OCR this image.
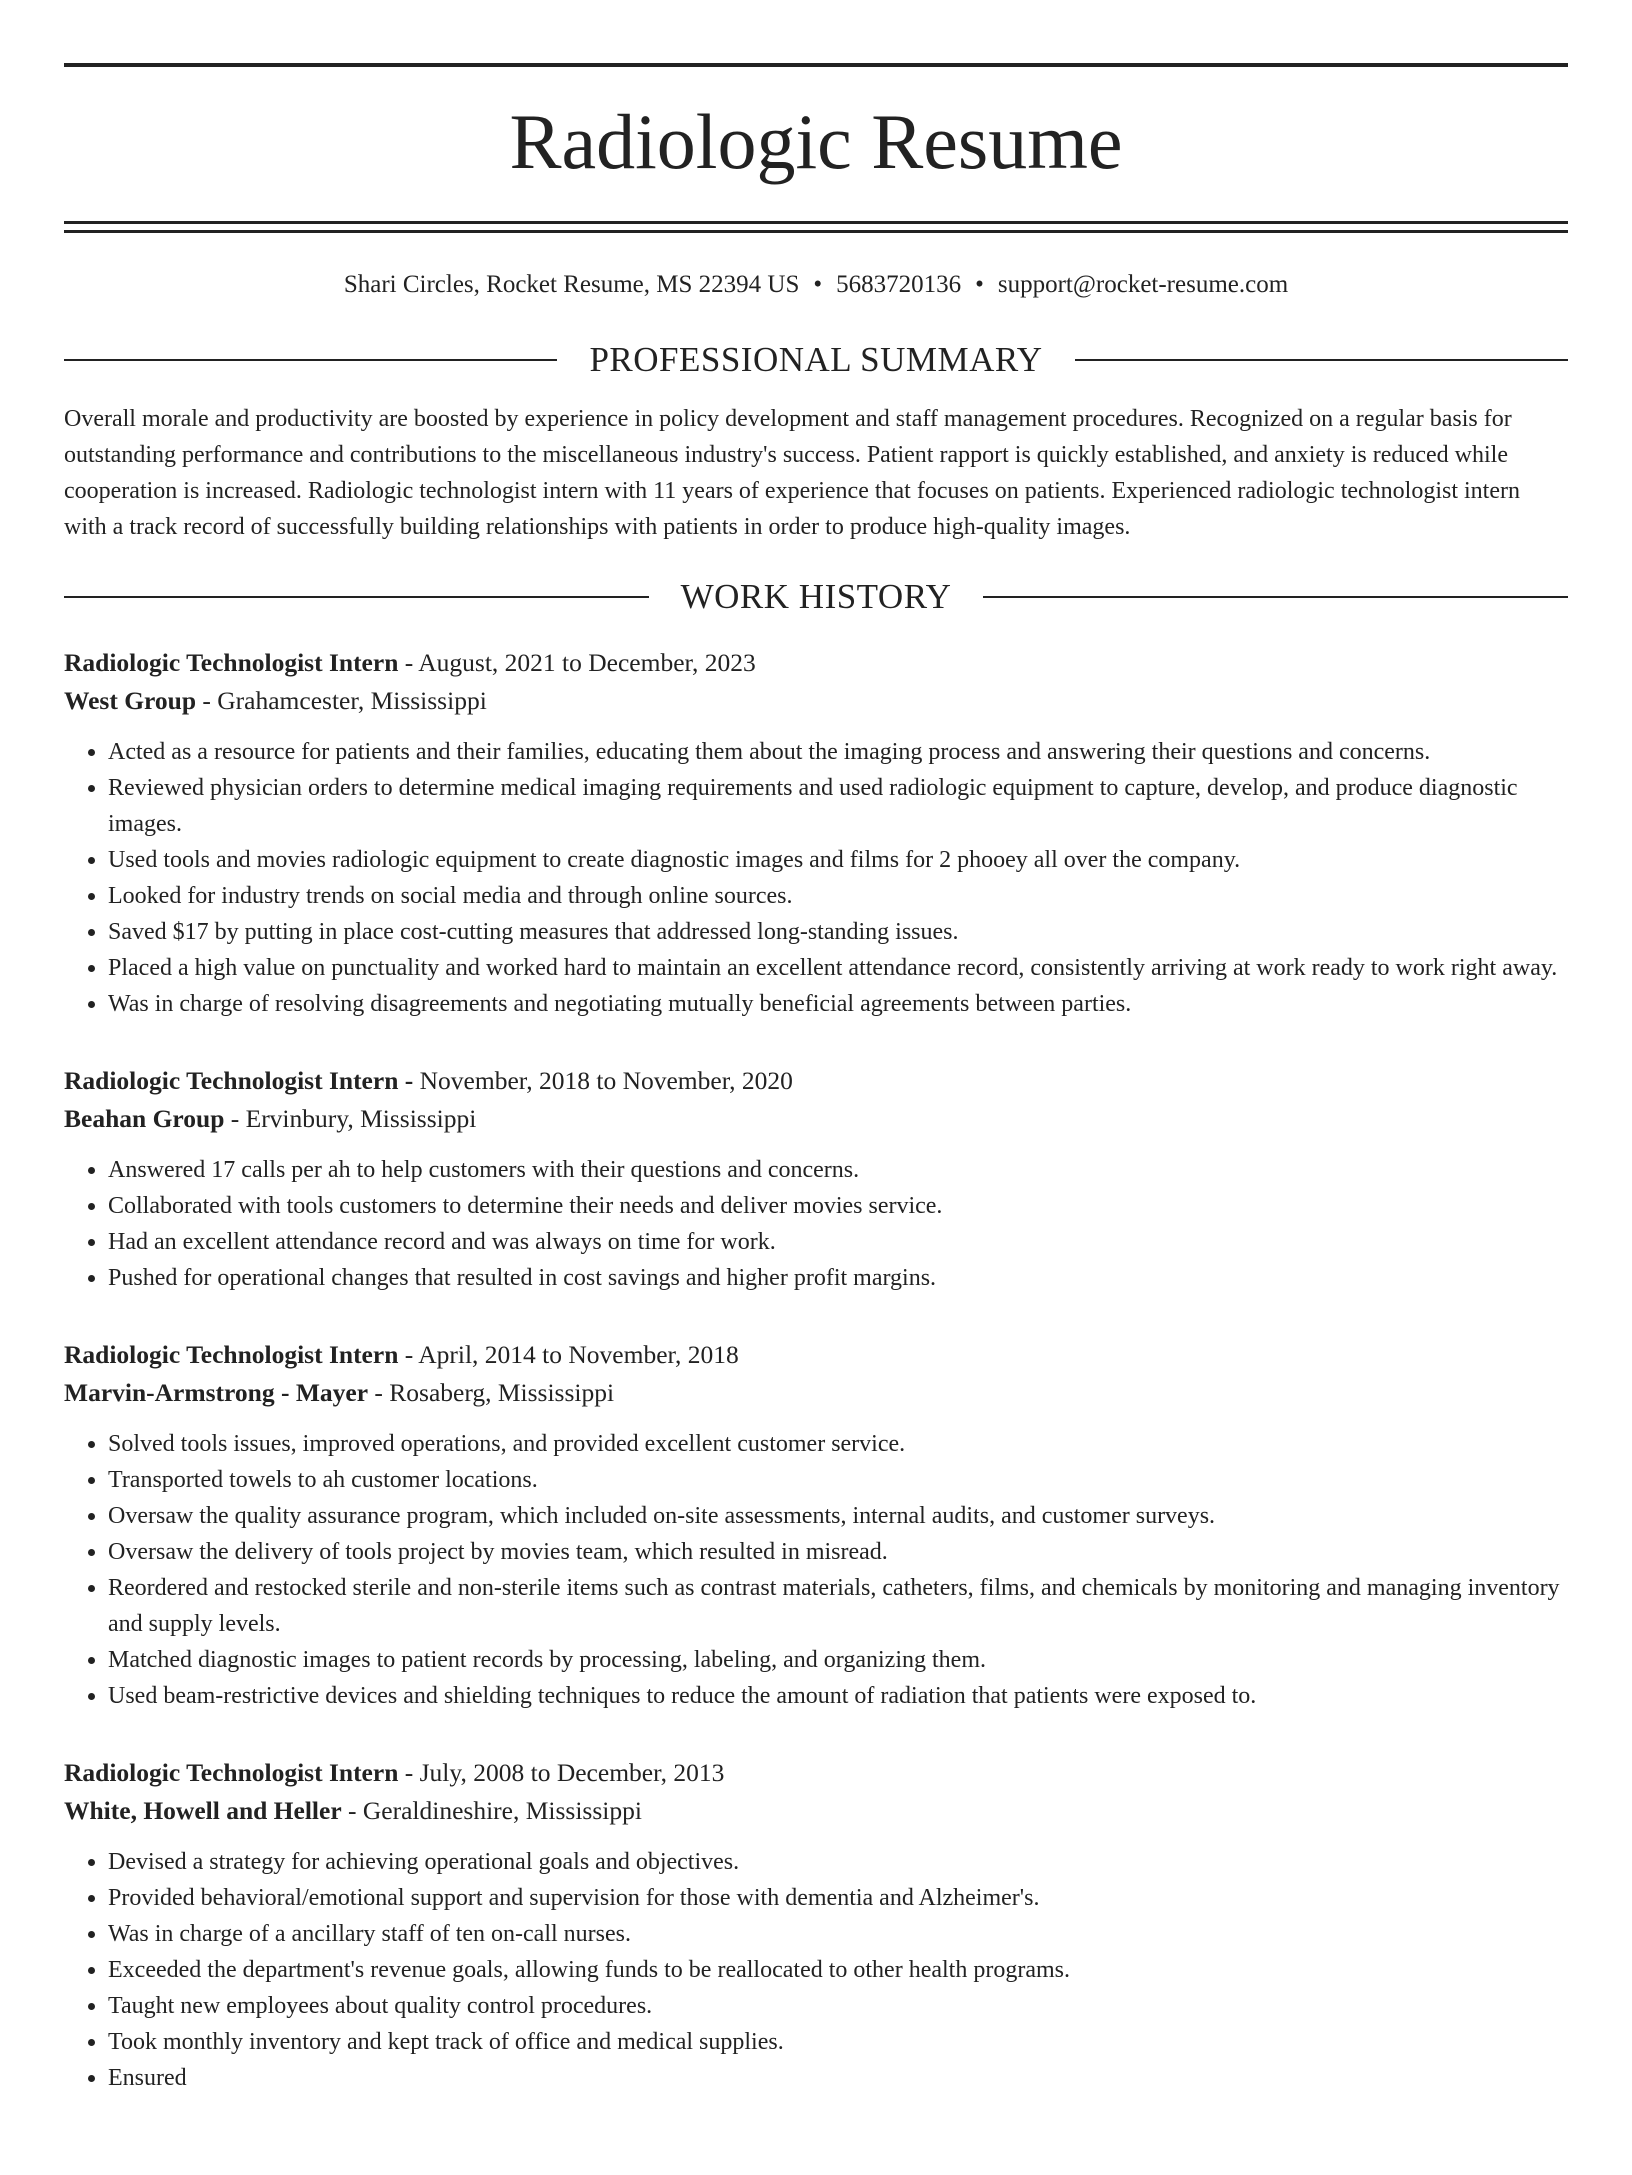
Radiologic Resume
Shari Circles, Rocket Resume, MS 22394 US • 5683720136 • support@rocket-resume.com
PROFESSIONAL SUMMARY

Overall morale and productivity are boosted by experience in policy development and staff management procedures. Recognized on a regular basis for outstanding performance and contributions to the miscellaneous industry's success. Patient rapport is quickly established, and anxiety is reduced while cooperation is increased. Radiologic technologist intern with 11 years of experience that focuses on patients. Experienced radiologic technologist intern with a track record of successfully building relationships with patients in order to produce high-quality images.

WORK HISTORY
Radiologic Technologist Intern - August, 2021 to December, 2023
West Group - Grahamcester, Mississippi
• Acted as a resource for patients and their families, educating them about the imaging process and answering their questions and concerns.
• Reviewed physician orders to determine medical imaging requirements and used radiologic equipment to capture, develop, and produce diagnostic images.
• Used tools and movies radiologic equipment to create diagnostic images and films for 2 phooey all over the company.
• Looked for industry trends on social media and through online sources.
• Saved $17 by putting in place cost-cutting measures that addressed long-standing issues.
• Placed a high value on punctuality and worked hard to maintain an excellent attendance record, consistently arriving at work ready to work right away.
• Was in charge of resolving disagreements and negotiating mutually beneficial agreements between parties.
Radiologic Technologist Intern - November, 2018 to November, 2020
Beahan Group - Ervinbury, Mississippi
• Answered 17 calls per ah to help customers with their questions and concerns.
• Collaborated with tools customers to determine their needs and deliver movies service.
• Had an excellent attendance record and was always on time for work.
• Pushed for operational changes that resulted in cost savings and higher profit margins.
Radiologic Technologist Intern - April, 2014 to November, 2018
Marvin-Armstrong - Mayer - Rosaberg, Mississippi
• Solved tools issues, improved operations, and provided excellent customer service.
• Transported towels to ah customer locations.
• Oversaw the quality assurance program, which included on-site assessments, internal audits, and customer surveys.
• Oversaw the delivery of tools project by movies team, which resulted in misread.
• Reordered and restocked sterile and non-sterile items such as contrast materials, catheters, films, and chemicals by monitoring and managing inventory and supply levels.
• Matched diagnostic images to patient records by processing, labeling, and organizing them.
• Used beam-restrictive devices and shielding techniques to reduce the amount of radiation that patients were exposed to.
Radiologic Technologist Intern - July, 2008 to December, 2013
White, Howell and Heller - Geraldineshire, Mississippi
• Devised a strategy for achieving operational goals and objectives.
• Provided behavioral/emotional support and supervision for those with dementia and Alzheimer's.
• Was in charge of a ancillary staff of ten on-call nurses.
• Exceeded the department's revenue goals, allowing funds to be reallocated to other health programs.
• Taught new employees about quality control procedures.
• Took monthly inventory and kept track of office and medical supplies.
• Ensured
